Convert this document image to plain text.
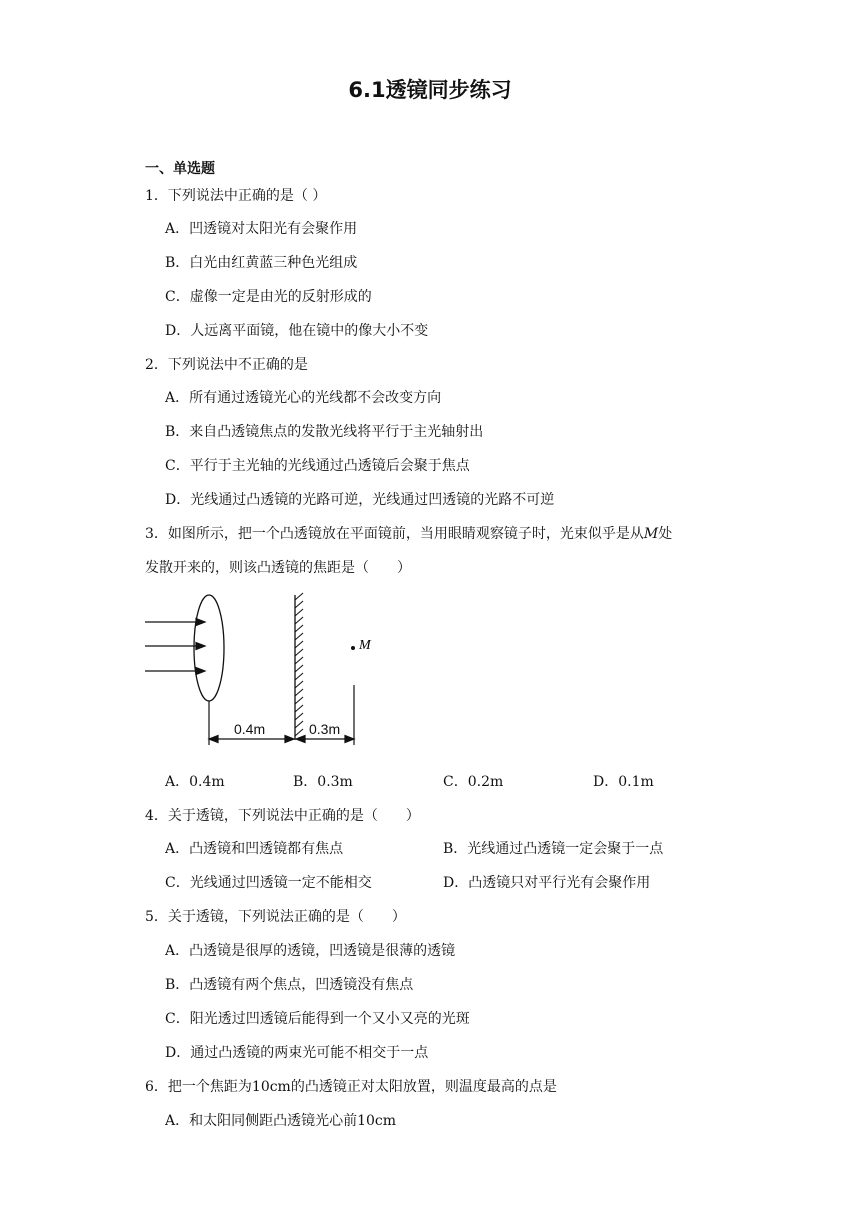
6.1透镜同步练习
一、单选题
1．下列说法中正确的是（ ）
A．凹透镜对太阳光有会聚作用
B．白光由红黄蓝三种色光组成
C．虚像一定是由光的反射形成的
D．人远离平面镜，他在镜中的像大小不变
2．下列说法中不正确的是
A．所有通过透镜光心的光线都不会改变方向
B．来自凸透镜焦点的发散光线将平行于主光轴射出
C．平行于主光轴的光线通过凸透镜后会聚于焦点
D．光线通过凸透镜的光路可逆，光线通过凹透镜的光路不可逆
3．如图所示，把一个凸透镜放在平面镜前，当用眼睛观察镜子时，光束似乎是从M处
发散开来的，则该凸透镜的焦距是（　　）
M
0.4m	0.3m
A．0.4m	B．0.3m	C．0.2m	D．0.1m
4．关于透镜，下列说法中正确的是（　　）
A．凸透镜和凹透镜都有焦点	B．光线通过凸透镜一定会聚于一点
C．光线通过凹透镜一定不能相交	D．凸透镜只对平行光有会聚作用
5．关于透镜，下列说法正确的是（　　）
A．凸透镜是很厚的透镜，凹透镜是很薄的透镜
B．凸透镜有两个焦点，凹透镜没有焦点
C．阳光透过凹透镜后能得到一个又小又亮的光斑
D．通过凸透镜的两束光可能不相交于一点
6．把一个焦距为10cm的凸透镜正对太阳放置，则温度最高的点是
A．和太阳同侧距凸透镜光心前10cm
